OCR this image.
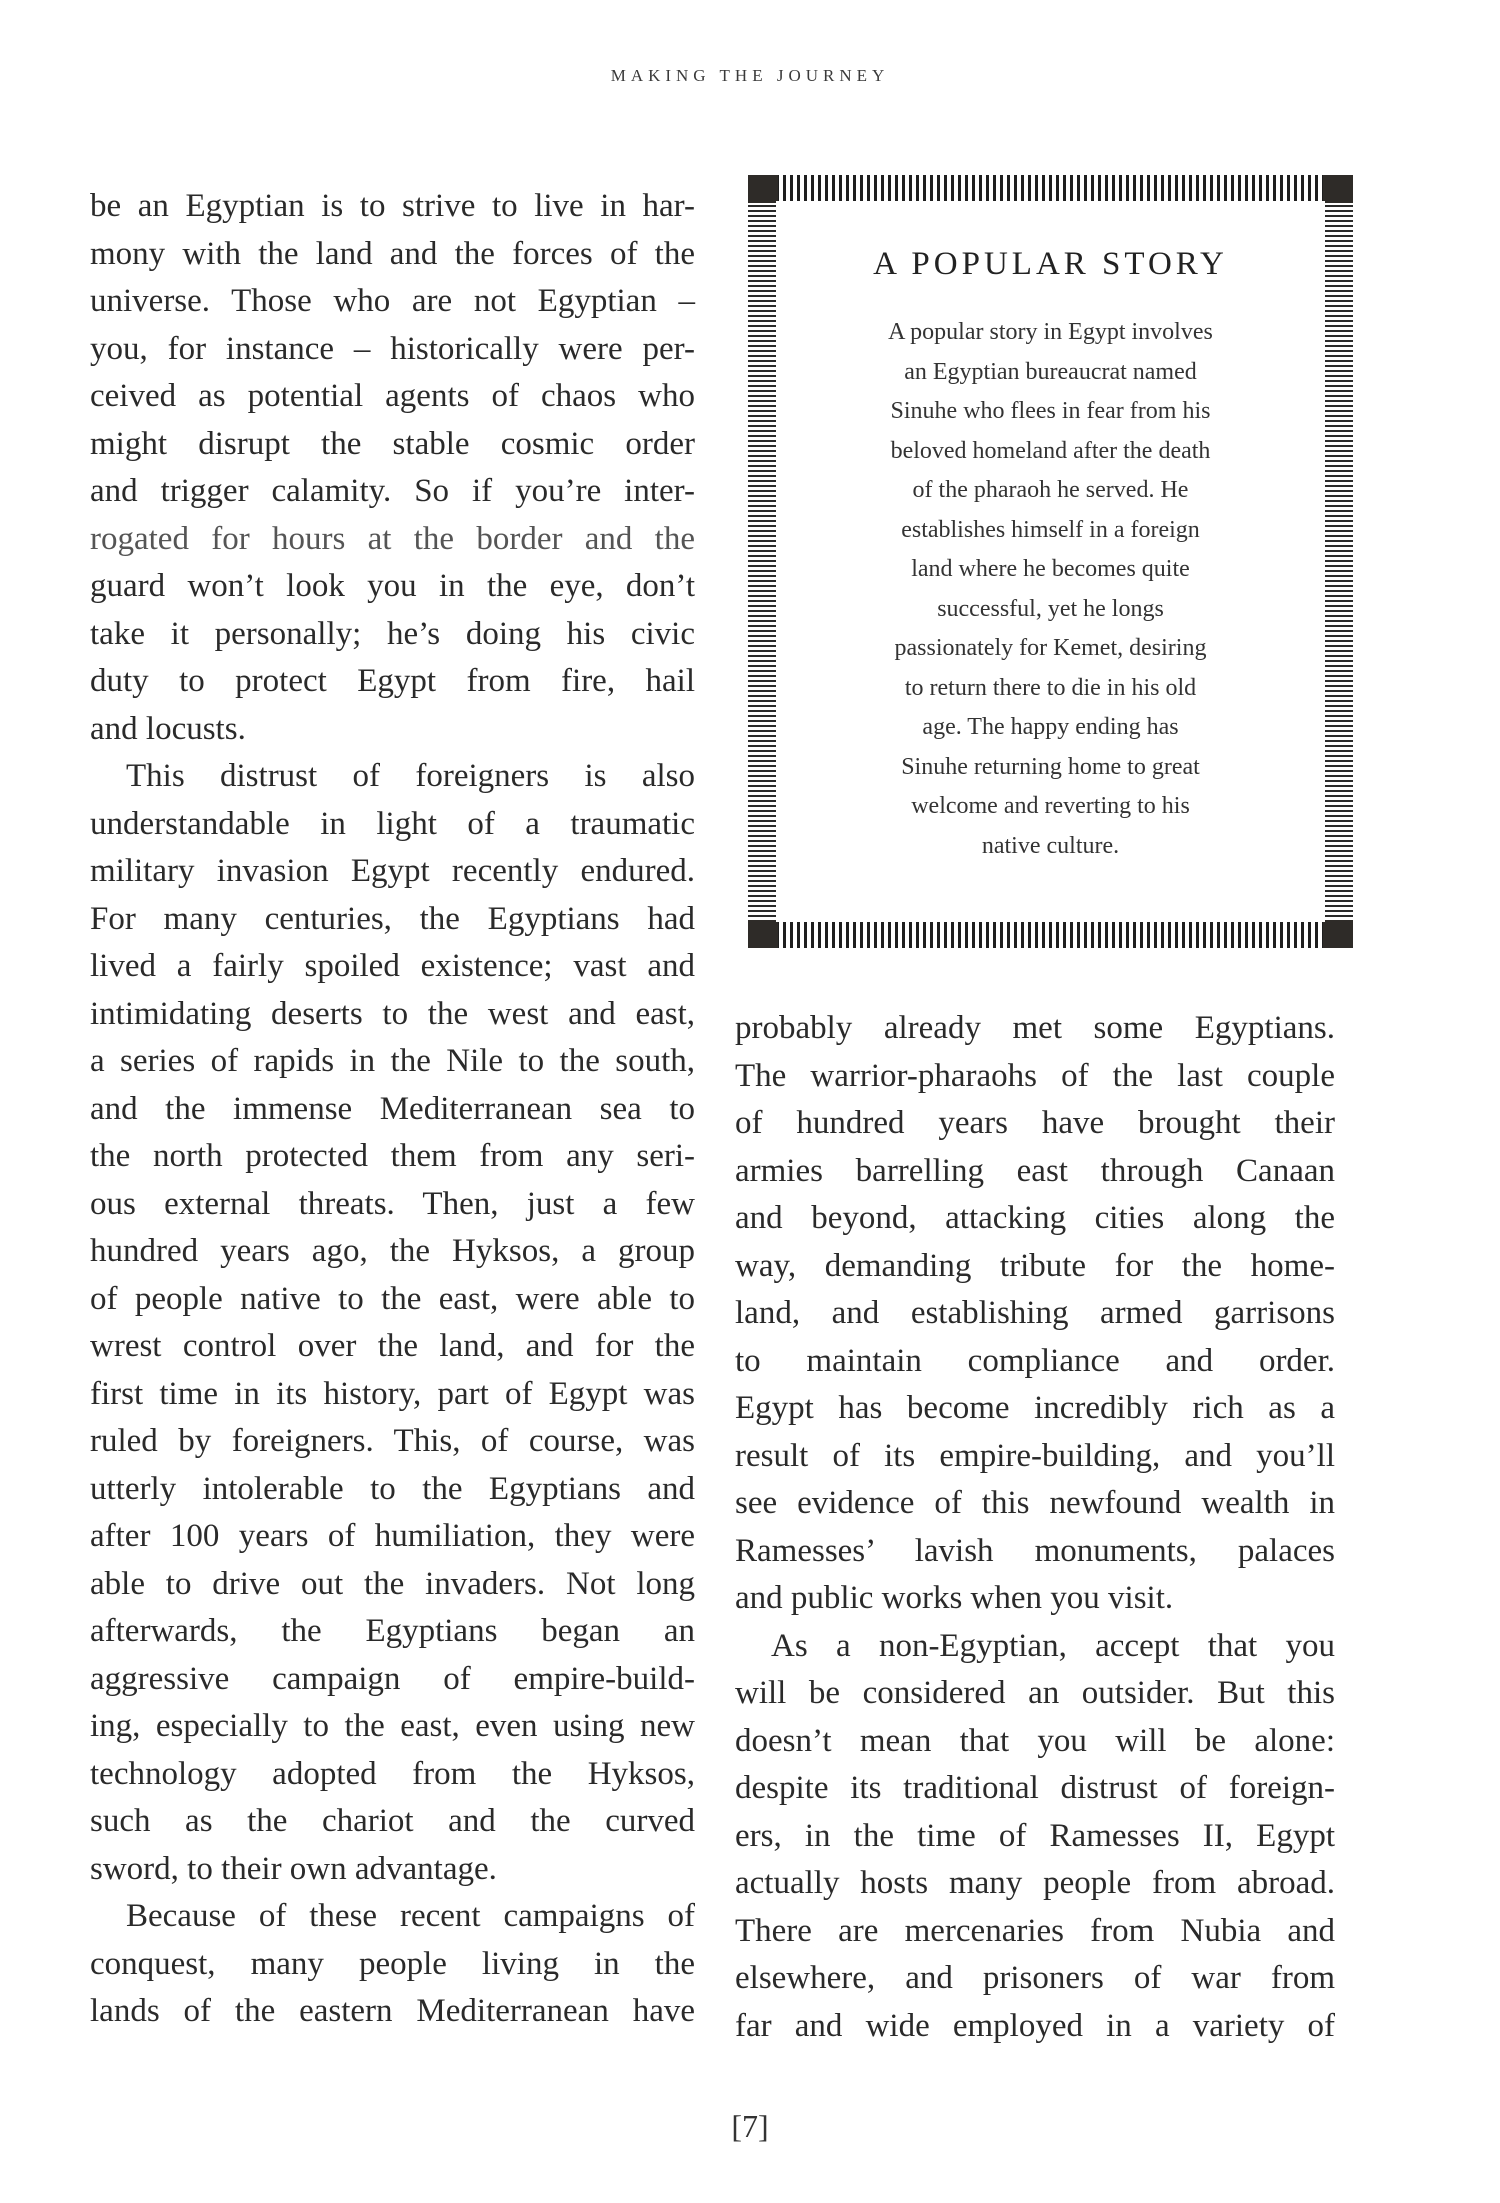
MAKING THE JOURNEY
be an Egyptian is to strive to live in har-
mony with the land and the forces of the
universe. Those who are not Egyptian –
you, for instance – historically were per-
ceived as potential agents of chaos who
might disrupt the stable cosmic order
and trigger calamity. So if you’re inter-
rogated for hours at the border and the
guard won’t look you in the eye, don’t
take it personally; he’s doing his civic
duty to protect Egypt from fire, hail
and locusts.
This distrust of foreigners is also
understandable in light of a traumatic
military invasion Egypt recently endured.
For many centuries, the Egyptians had
lived a fairly spoiled existence; vast and
intimidating deserts to the west and east,
a series of rapids in the Nile to the south,
and the immense Mediterranean sea to
the north protected them from any seri-
ous external threats. Then, just a few
hundred years ago, the Hyksos, a group
of people native to the east, were able to
wrest control over the land, and for the
first time in its history, part of Egypt was
ruled by foreigners. This, of course, was
utterly intolerable to the Egyptians and
after 100 years of humiliation, they were
able to drive out the invaders. Not long
afterwards, the Egyptians began an
aggressive campaign of empire-build-
ing, especially to the east, even using new
technology adopted from the Hyksos,
such as the chariot and the curved
sword, to their own advantage.
Because of these recent campaigns of
conquest, many people living in the
lands of the eastern Mediterranean have
A POPULAR STORY
A popular story in Egypt involves
an Egyptian bureaucrat named
Sinuhe who flees in fear from his
beloved homeland after the death
of the pharaoh he served. He
establishes himself in a foreign
land where he becomes quite
successful, yet he longs
passionately for Kemet, desiring
to return there to die in his old
age. The happy ending has
Sinuhe returning home to great
welcome and reverting to his
native culture.
probably already met some Egyptians.
The warrior-pharaohs of the last couple
of hundred years have brought their
armies barrelling east through Canaan
and beyond, attacking cities along the
way, demanding tribute for the home-
land, and establishing armed garrisons
to maintain compliance and order.
Egypt has become incredibly rich as a
result of its empire-building, and you’ll
see evidence of this newfound wealth in
Ramesses’ lavish monuments, palaces
and public works when you visit.
As a non-Egyptian, accept that you
will be considered an outsider. But this
doesn’t mean that you will be alone:
despite its traditional distrust of foreign-
ers, in the time of Ramesses II, Egypt
actually hosts many people from abroad.
There are mercenaries from Nubia and
elsewhere, and prisoners of war from
far and wide employed in a variety of
[7]
